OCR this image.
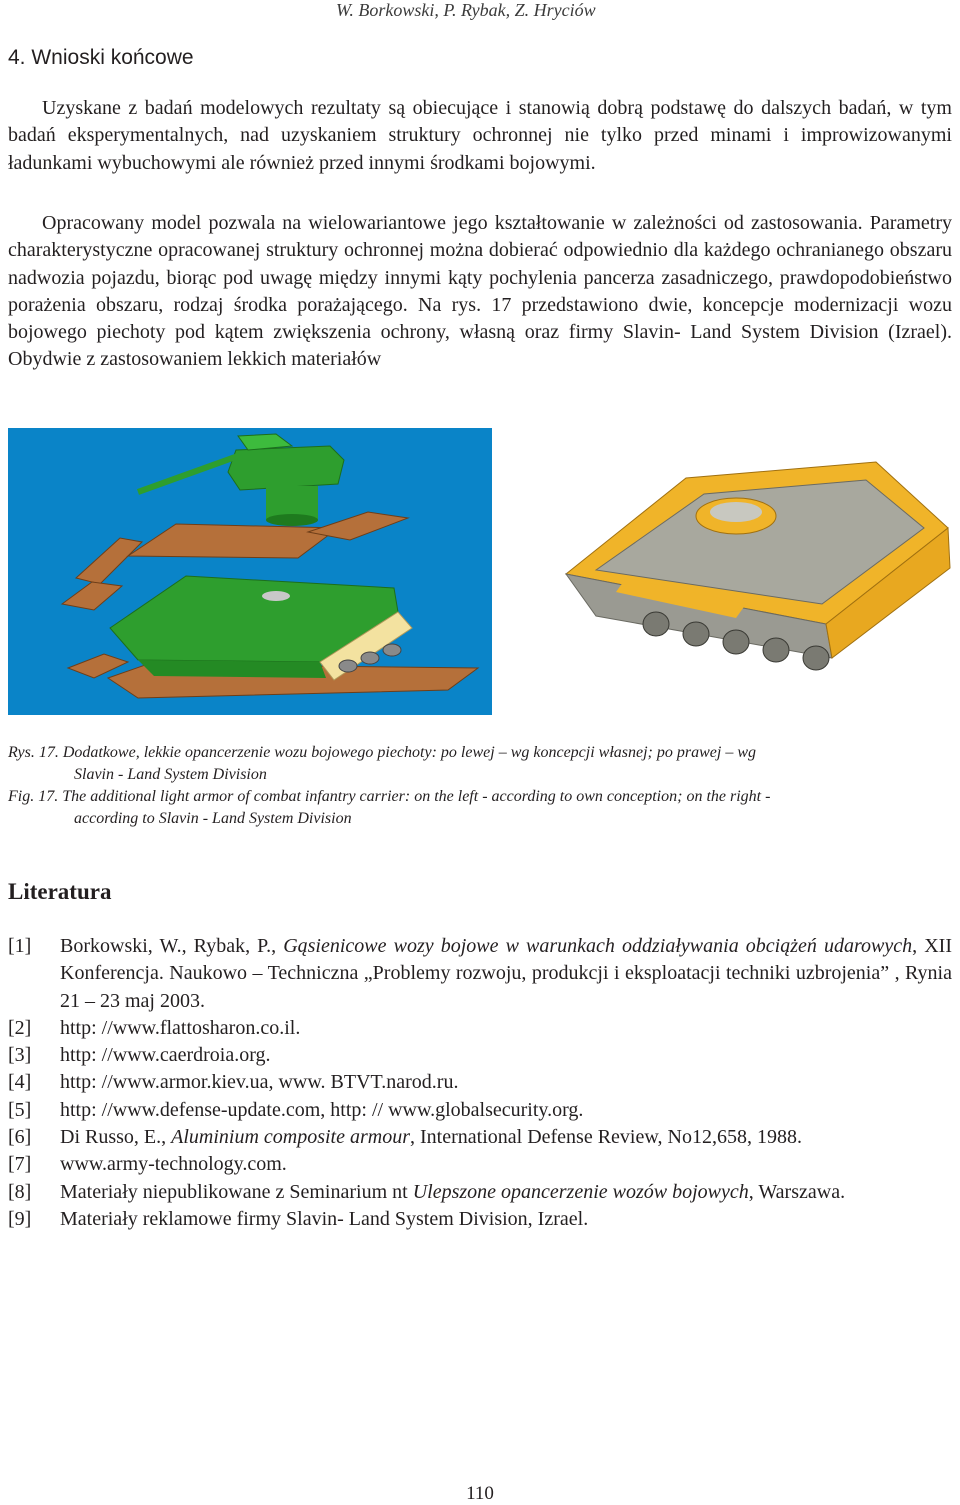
W. Borkowski, P. Rybak, Z. Hryciów
4. Wnioski końcowe

Uzyskane z badań modelowych rezultaty są obiecujące i stanowią dobrą podstawę do dalszych badań, w tym badań eksperymentalnych, nad uzyskaniem struktury ochronnej nie tylko przed minami i improwizowanymi ładunkami wybuchowymi ale również przed innymi środkami bojowymi.

Opracowany model pozwala na wielowariantowe jego kształtowanie w zależności od zastosowania. Parametry charakterystyczne opracowanej struktury ochronnej można dobierać odpowiednio dla każdego ochranianego obszaru nadwozia pojazdu, biorąc pod uwagę między innymi kąty pochylenia pancerza zasadniczego, prawdopodobieństwo porażenia obszaru, rodzaj środka porażającego. Na rys. 17 przedstawiono dwie, koncepcje modernizacji wozu bojowego piechoty pod kątem zwiększenia ochrony, własną oraz firmy Slavin- Land System Division (Izrael). Obydwie z zastosowaniem lekkich materiałów

Rys. 17. Dodatkowe, lekkie opancerzenie wozu bojowego piechoty: po lewej – wg koncepcji własnej; po prawej – wg
Slavin - Land System Division
Fig. 17. The additional light armor of combat infantry carrier: on the left - according to own conception; on the right -
according to Slavin - Land System Division
Literatura
[1]	Borkowski, W., Rybak, P., Gąsienicowe wozy bojowe w warunkach oddziaływania obciążeń udarowych, XII Konferencja. Naukowo – Techniczna „Problemy rozwoju, produkcji i eksploatacji techniki uzbrojenia” , Rynia 21 – 23 maj 2003.
[2]	http: //www.flattosharon.co.il.
[3]	http: //www.caerdroia.org.
[4]	http: //www.armor.kiev.ua, www. BTVT.narod.ru.
[5]	http: //www.defense-update.com, http: // www.globalsecurity.org.
[6]	Di Russo, E., Aluminium composite armour, International Defense Review, No12,658, 1988.
[7]	www.army-technology.com.
[8]	Materiały niepublikowane z Seminarium nt Ulepszone opancerzenie wozów bojowych, Warszawa.
[9]	Materiały reklamowe firmy Slavin- Land System Division, Izrael.
110
